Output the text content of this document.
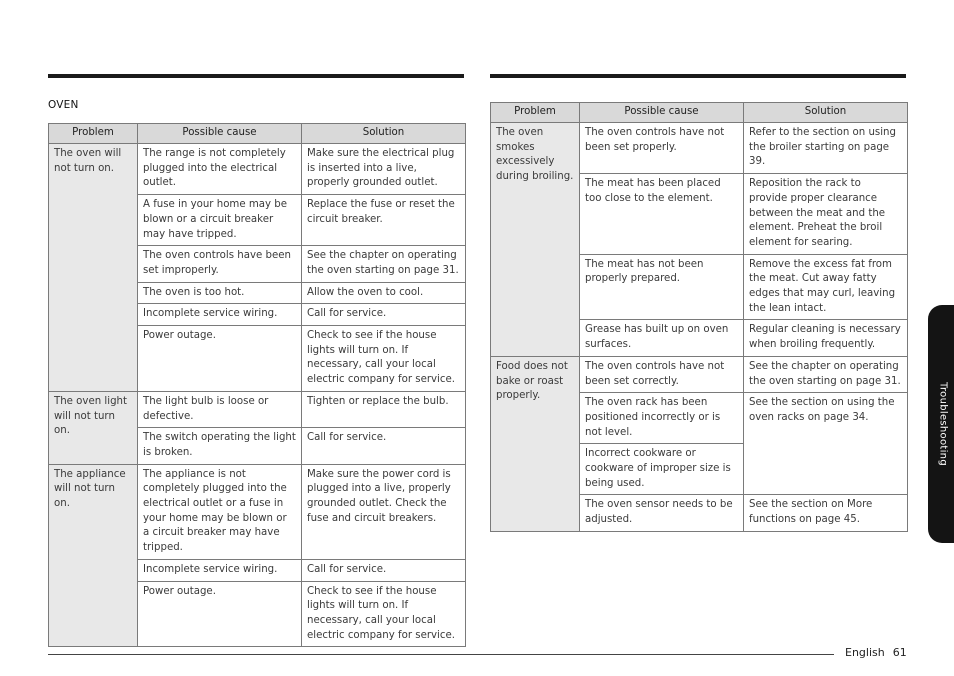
OVEN
Problem	Possible cause	Solution
The oven will not turn on.	The range is not completely plugged into the electrical outlet.	Make sure the electrical plug is inserted into a live, properly grounded outlet.
	A fuse in your home may be blown or a circuit breaker may have tripped.	Replace the fuse or reset the circuit breaker.
	The oven controls have been set improperly.	See the chapter on operating the oven starting on page 31.
	The oven is too hot.	Allow the oven to cool.
	Incomplete service wiring.	Call for service.
	Power outage.	Check to see if the house lights will turn on. If necessary, call your local electric company for service.
The oven light will not turn on.	The light bulb is loose or defective.	Tighten or replace the bulb.
	The switch operating the light is broken.	Call for service.
The appliance will not turn on.	The appliance is not completely plugged into the electrical outlet or a fuse in your home may be blown or a circuit breaker may have tripped.	Make sure the power cord is plugged into a live, properly grounded outlet. Check the fuse and circuit breakers.
	Incomplete service wiring.	Call for service.
	Power outage.	Check to see if the house lights will turn on. If necessary, call your local electric company for service.
Problem	Possible cause	Solution
The oven smokes excessively during broiling.	The oven controls have not been set properly.	Refer to the section on using the broiler starting on page 39.
	The meat has been placed too close to the element.	Reposition the rack to provide proper clearance between the meat and the element. Preheat the broil element for searing.
	The meat has not been properly prepared.	Remove the excess fat from the meat. Cut away fatty edges that may curl, leaving the lean intact.
	Grease has built up on oven surfaces.	Regular cleaning is necessary when broiling frequently.
Food does not bake or roast properly.	The oven controls have not been set correctly.	See the chapter on operating the oven starting on page 31.
	The oven rack has been positioned incorrectly or is not level.	See the section on using the oven racks on page 34.
	Incorrect cookware or cookware of improper size is being used.	
	The oven sensor needs to be adjusted.	See the section on More functions on page 45.
Troubleshooting
English 61
